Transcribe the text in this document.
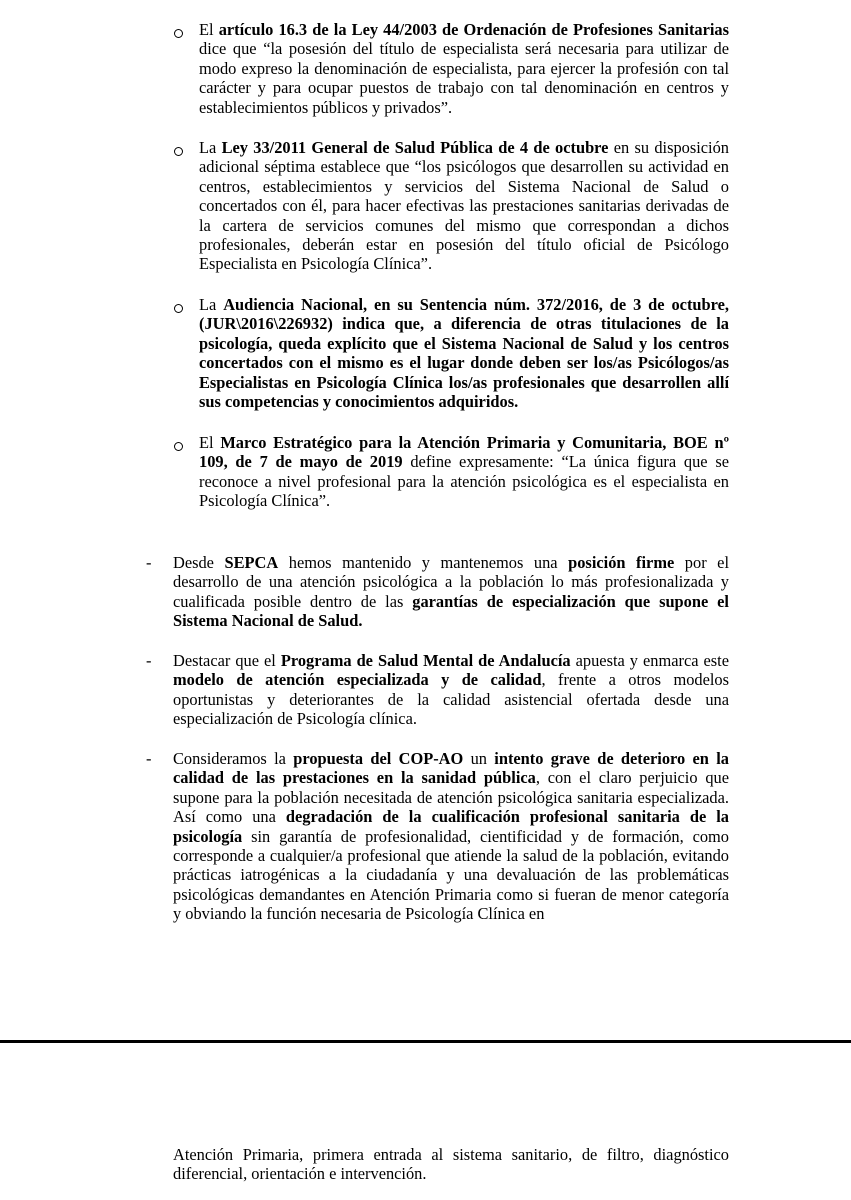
El artículo 16.3 de la Ley 44/2003 de Ordenación de Profesiones Sanitarias dice que “la posesión del título de especialista será necesaria para utilizar de modo expreso la denominación de especialista, para ejercer la profesión con tal carácter y para ocupar puestos de trabajo con tal denominación en centros y establecimientos públicos y privados”.

La Ley 33/2011 General de Salud Pública de 4 de octubre en su disposición adicional séptima establece que “los psicólogos que desarrollen su actividad en centros, establecimientos y servicios del Sistema Nacional de Salud o concertados con él, para hacer efectivas las prestaciones sanitarias derivadas de la cartera de servicios comunes del mismo que correspondan a dichos profesionales, deberán estar en posesión del título oficial de Psicólogo Especialista en Psicología Clínica”.

La Audiencia Nacional, en su Sentencia núm. 372/2016, de 3 de octubre, (JUR\2016\226932) indica que, a diferencia de otras titulaciones de la psicología, queda explícito que el Sistema Nacional de Salud y los centros concertados con el mismo es el lugar donde deben ser los/as Psicólogos/as Especialistas en Psicología Clínica los/as profesionales que desarrollen allí sus competencias y conocimientos adquiridos.

El Marco Estratégico para la Atención Primaria y Comunitaria, BOE nº 109, de 7 de mayo de 2019 define expresamente: “La única figura que se reconoce a nivel profesional para la atención psicológica es el especialista en Psicología Clínica”.

- Desde SEPCA hemos mantenido y mantenemos una posición firme por el desarrollo de una atención psicológica a la población lo más profesionalizada y cualificada posible dentro de las garantías de especialización que supone el Sistema Nacional de Salud.

- Destacar que el Programa de Salud Mental de Andalucía apuesta y enmarca este modelo de atención especializada y de calidad, frente a otros modelos oportunistas y deteriorantes de la calidad asistencial ofertada desde una especialización de Psicología clínica.

- Consideramos la propuesta del COP-AO un intento grave de deterioro en la calidad de las prestaciones en la sanidad pública, con el claro perjuicio que supone para la población necesitada de atención psicológica sanitaria especializada. Así como una degradación de la cualificación profesional sanitaria de la psicología sin garantía de profesionalidad, cientificidad y de formación, como corresponde a cualquier/a profesional que atiende la salud de la población, evitando prácticas iatrogénicas a la ciudadanía y una devaluación de las problemáticas psicológicas demandantes en Atención Primaria como si fueran de menor categoría y obviando la función necesaria de Psicología Clínica en

Atención Primaria, primera entrada al sistema sanitario, de filtro, diagnóstico diferencial, orientación e intervención.
